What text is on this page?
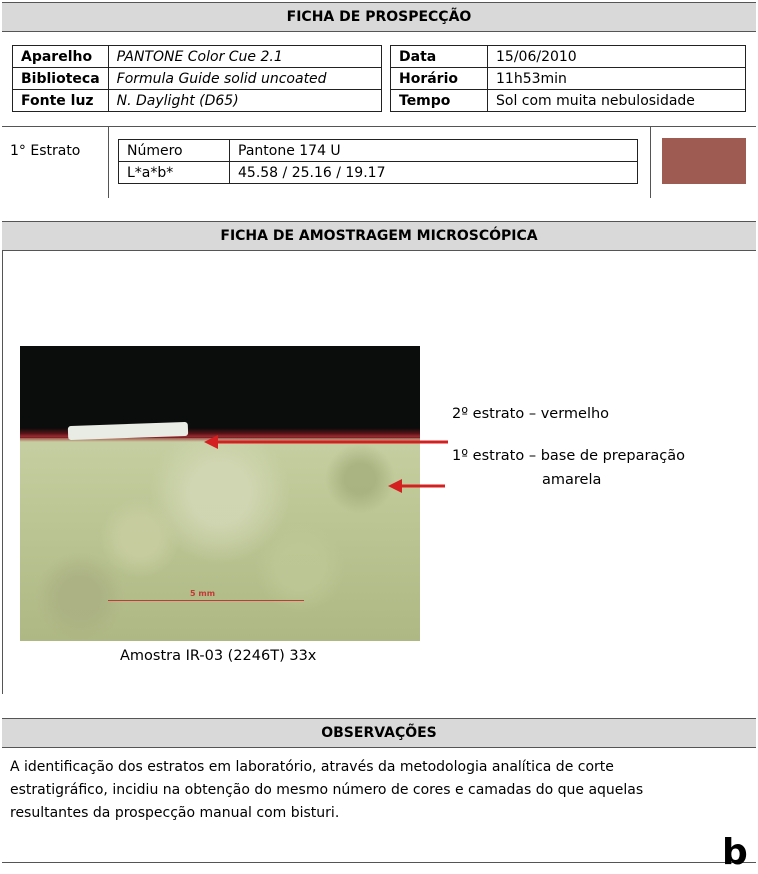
FICHA DE PROSPECÇÃO
Aparelho	PANTONE Color Cue 2.1
Biblioteca	Formula Guide solid uncoated
Fonte luz	N. Daylight (D65)
Data	15/06/2010
Horário	11h53min
Tempo	Sol com muita nebulosidade
1° Estrato	Número	Pantone 174 U
L*a*b*	45.58 / 25.16 / 19.17
FICHA DE AMOSTRAGEM MICROSCÓPICA
5 mm
2º estrato – vermelho
1º estrato – base de preparação
amarela
Amostra IR-03 (2246T) 33x
OBSERVAÇÕES
A identificação dos estratos em laboratório, através da metodologia analítica de corte
estratigráfico, incidiu na obtenção do mesmo número de cores e camadas do que aquelas
resultantes da prospecção manual com bisturi.
b
